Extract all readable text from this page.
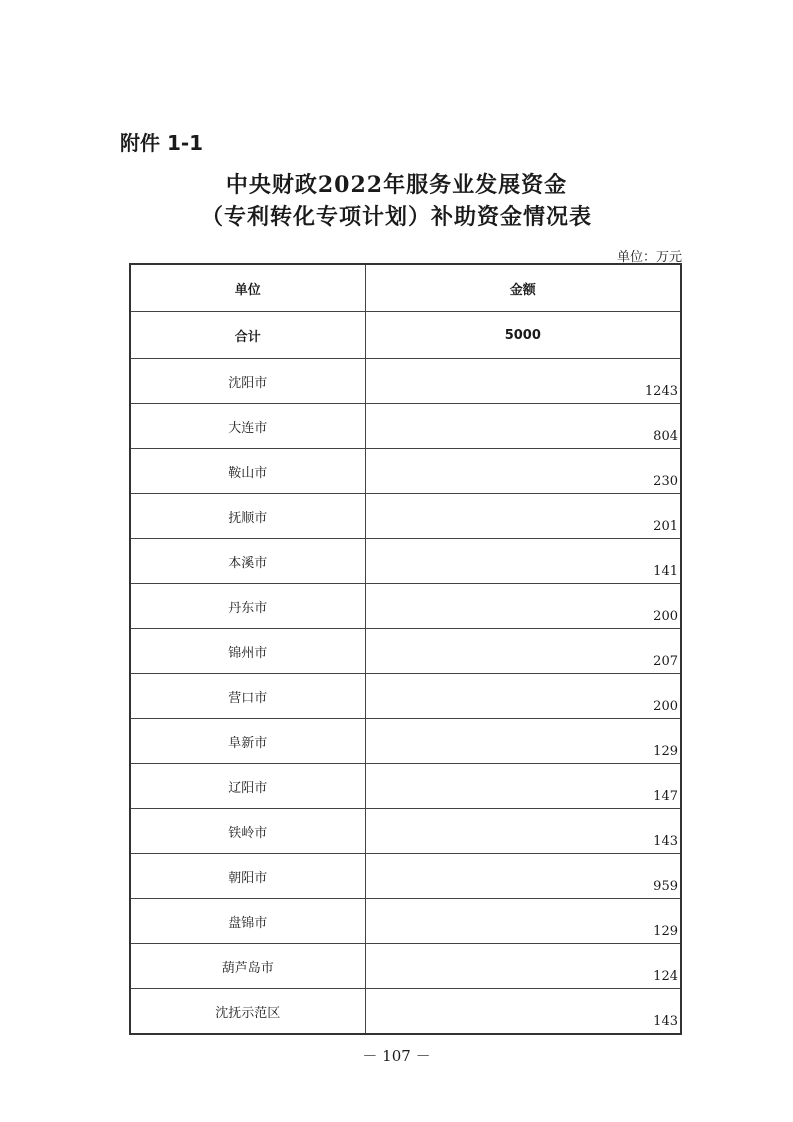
附件 1-1
中央财政2022年服务业发展资金
（专利转化专项计划）补助资金情况表
单位：万元
单位	金额
合计	5000
沈阳市	1243
大连市	804
鞍山市	230
抚顺市	201
本溪市	141
丹东市	200
锦州市	207
营口市	200
阜新市	129
辽阳市	147
铁岭市	143
朝阳市	959
盘锦市	129
葫芦岛市	124
沈抚示范区	143
－ 107 －
